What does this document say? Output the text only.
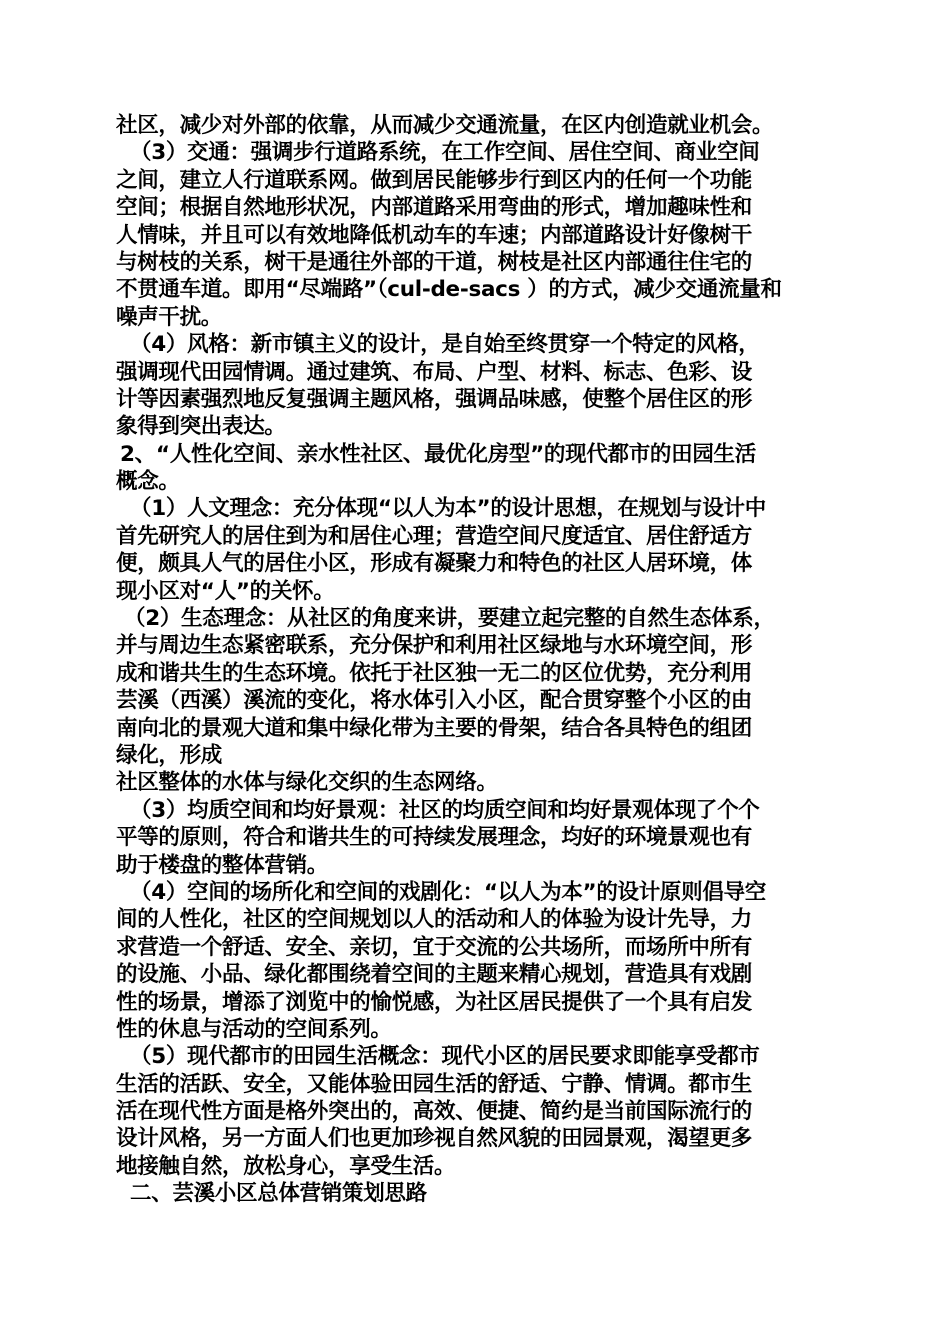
社区，减少对外部的依靠，从而减少交通流量，在区内创造就业机会。
（3）交通：强调步行道路系统，在工作空间、居住空间、商业空间
之间，建立人行道联系网。做到居民能够步行到区内的任何一个功能
空间；根据自然地形状况，内部道路采用弯曲的形式，增加趣味性和
人情味，并且可以有效地降低机动车的车速；内部道路设计好像树干
与树枝的关系，树干是通往外部的干道，树枝是社区内部通往住宅的
不贯通车道。即用“尽端路”（cul-de-sacs ）的方式，减少交通流量和
噪声干扰。
（4）风格：新市镇主义的设计，是自始至终贯穿一个特定的风格，
强调现代田园情调。通过建筑、布局、户型、材料、标志、色彩、设
计等因素强烈地反复强调主题风格，强调品味感，使整个居住区的形
象得到突出表达。
2、“人性化空间、亲水性社区、最优化房型”的现代都市的田园生活
概念。
（1）人文理念：充分体现“以人为本”的设计思想，在规划与设计中
首先研究人的居住到为和居住心理；营造空间尺度适宜、居住舒适方
便，颇具人气的居住小区，形成有凝聚力和特色的社区人居环境，体
现小区对“人”的关怀。
（2）生态理念：从社区的角度来讲，要建立起完整的自然生态体系，
并与周边生态紧密联系，充分保护和利用社区绿地与水环境空间，形
成和谐共生的生态环境。依托于社区独一无二的区位优势，充分利用
芸溪（西溪）溪流的变化，将水体引入小区，配合贯穿整个小区的由
南向北的景观大道和集中绿化带为主要的骨架，结合各具特色的组团
绿化，形成
社区整体的水体与绿化交织的生态网络。
（3）均质空间和均好景观：社区的均质空间和均好景观体现了个个
平等的原则，符合和谐共生的可持续发展理念，均好的环境景观也有
助于楼盘的整体营销。
（4）空间的场所化和空间的戏剧化：“以人为本”的设计原则倡导空
间的人性化，社区的空间规划以人的活动和人的体验为设计先导，力
求营造一个舒适、安全、亲切，宜于交流的公共场所，而场所中所有
的设施、小品、绿化都围绕着空间的主题来精心规划，营造具有戏剧
性的场景，增添了浏览中的愉悦感，为社区居民提供了一个具有启发
性的休息与活动的空间系列。
（5）现代都市的田园生活概念：现代小区的居民要求即能享受都市
生活的活跃、安全，又能体验田园生活的舒适、宁静、情调。都市生
活在现代性方面是格外突出的，高效、便捷、简约是当前国际流行的
设计风格，另一方面人们也更加珍视自然风貌的田园景观，渴望更多
地接触自然，放松身心，享受生活。
二、芸溪小区总体营销策划思路
